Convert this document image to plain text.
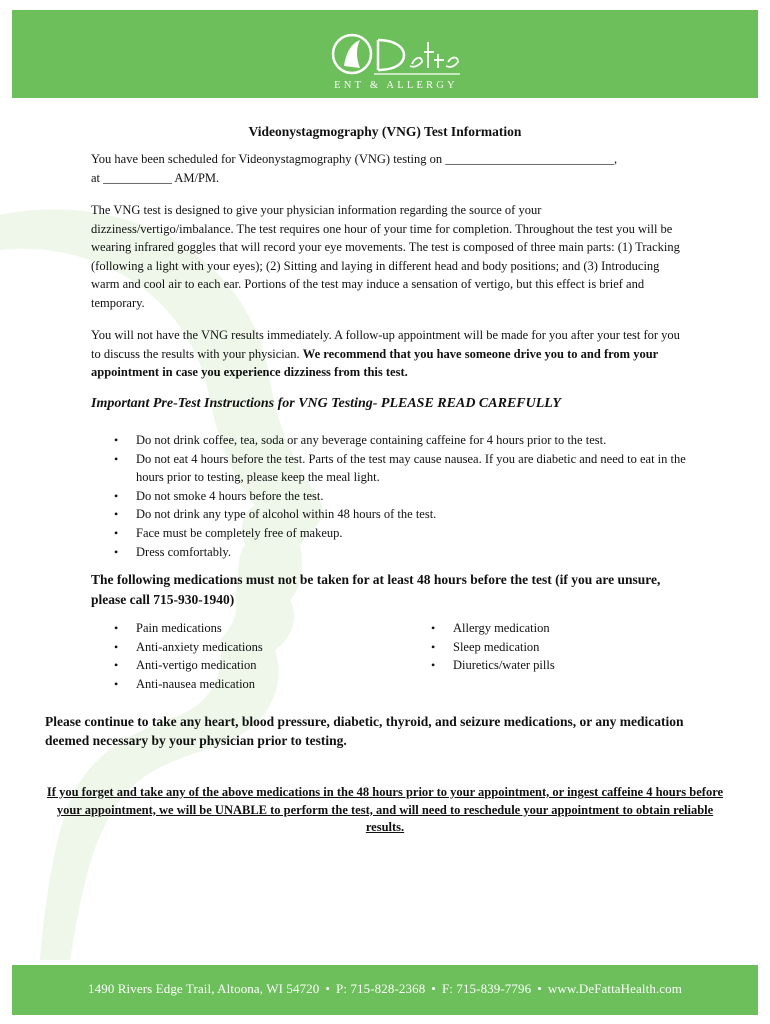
ENT & ALLERGY
Videonystagmography (VNG) Test Information
You have been scheduled for Videonystagmography (VNG) testing on ___________________________,
at ___________ AM/PM.
The VNG test is designed to give your physician information regarding the source of your dizziness/vertigo/imbalance. The test requires one hour of your time for completion. Throughout the test you will be wearing infrared goggles that will record your eye movements. The test is composed of three main parts: (1) Tracking (following a light with your eyes); (2) Sitting and laying in different head and body positions; and (3) Introducing warm and cool air to each ear. Portions of the test may induce a sensation of vertigo, but this effect is brief and temporary.
You will not have the VNG results immediately. A follow-up appointment will be made for you after your test for you to discuss the results with your physician. We recommend that you have someone drive you to and from your appointment in case you experience dizziness from this test.
Important Pre-Test Instructions for VNG Testing- PLEASE READ CAREFULLY
• Do not drink coffee, tea, soda or any beverage containing caffeine for 4 hours prior to the test.
• Do not eat 4 hours before the test. Parts of the test may cause nausea. If you are diabetic and need to eat in the hours prior to testing, please keep the meal light.
• Do not smoke 4 hours before the test.
• Do not drink any type of alcohol within 48 hours of the test.
• Face must be completely free of makeup.
• Dress comfortably.
The following medications must not be taken for at least 48 hours before the test (if you are unsure, please call 715-930-1940)
• Pain medications
• Anti-anxiety medications
• Anti-vertigo medication
• Anti-nausea medication
• Allergy medication
• Sleep medication
• Diuretics/water pills
Please continue to take any heart, blood pressure, diabetic, thyroid, and seizure medications, or any medication deemed necessary by your physician prior to testing.
If you forget and take any of the above medications in the 48 hours prior to your appointment, or ingest caffeine 4 hours before your appointment, we will be UNABLE to perform the test, and will need to reschedule your appointment to obtain reliable results.
1490 Rivers Edge Trail, Altoona, WI 54720 • P: 715-828-2368 • F: 715-839-7796 • www.DeFattaHealth.com
